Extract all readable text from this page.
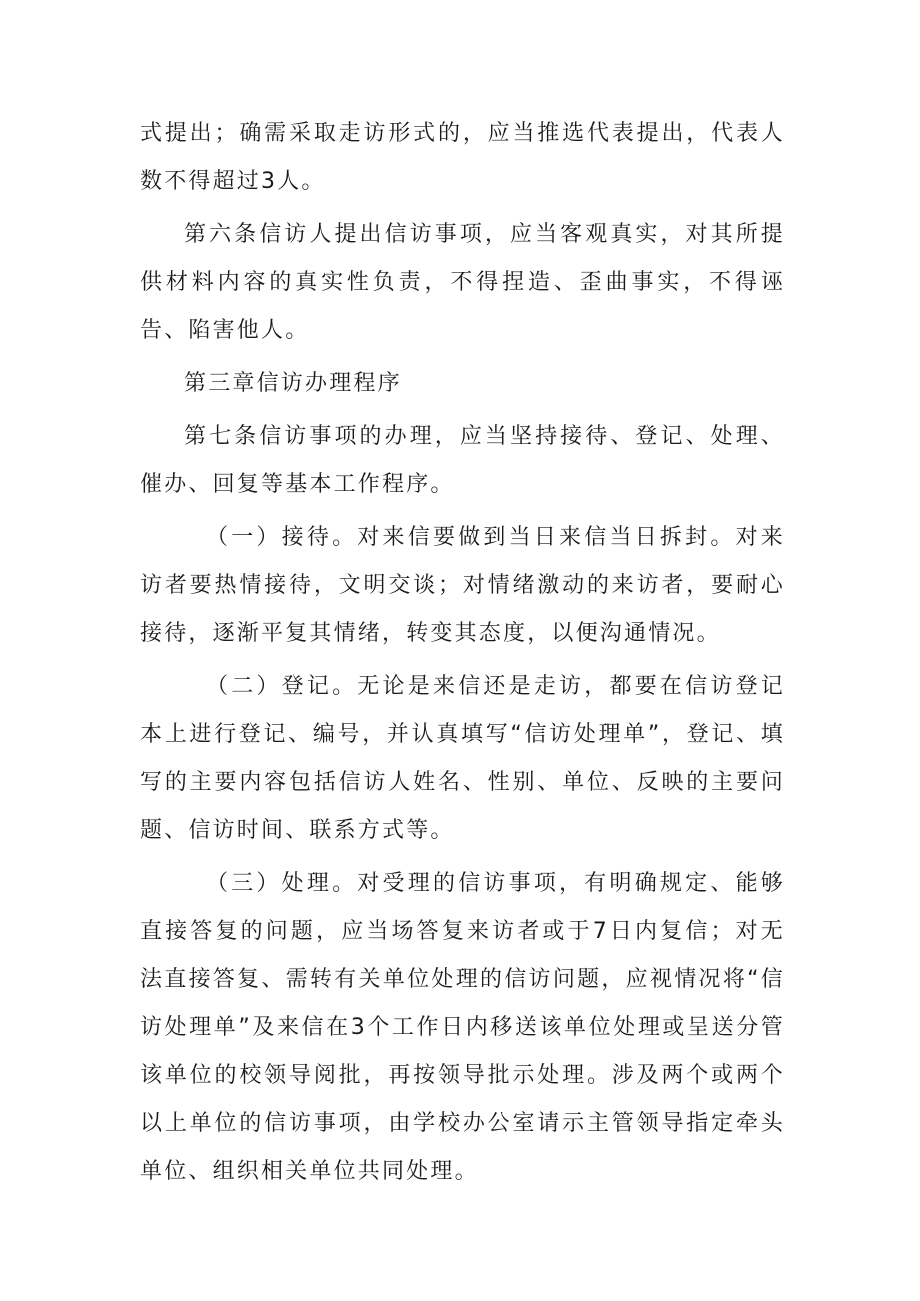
式提出；确需采取走访形式的，应当推选代表提出，代表人数不得超过3人。

第六条信访人提出信访事项，应当客观真实，对其所提供材料内容的真实性负责，不得捏造、歪曲事实，不得诬告、陷害他人。

第三章信访办理程序

第七条信访事项的办理，应当坚持接待、登记、处理、催办、回复等基本工作程序。

（一）接待。对来信要做到当日来信当日拆封。对来访者要热情接待，文明交谈；对情绪激动的来访者，要耐心接待，逐渐平复其情绪，转变其态度，以便沟通情况。

（二）登记。无论是来信还是走访，都要在信访登记本上进行登记、编号，并认真填写“信访处理单”，登记、填写的主要内容包括信访人姓名、性别、单位、反映的主要问题、信访时间、联系方式等。

（三）处理。对受理的信访事项，有明确规定、能够直接答复的问题，应当场答复来访者或于7日内复信；对无法直接答复、需转有关单位处理的信访问题，应视情况将“信访处理单”及来信在3个工作日内移送该单位处理或呈送分管该单位的校领导阅批，再按领导批示处理。涉及两个或两个以上单位的信访事项，由学校办公室请示主管领导指定牵头单位、组织相关单位共同处理。
